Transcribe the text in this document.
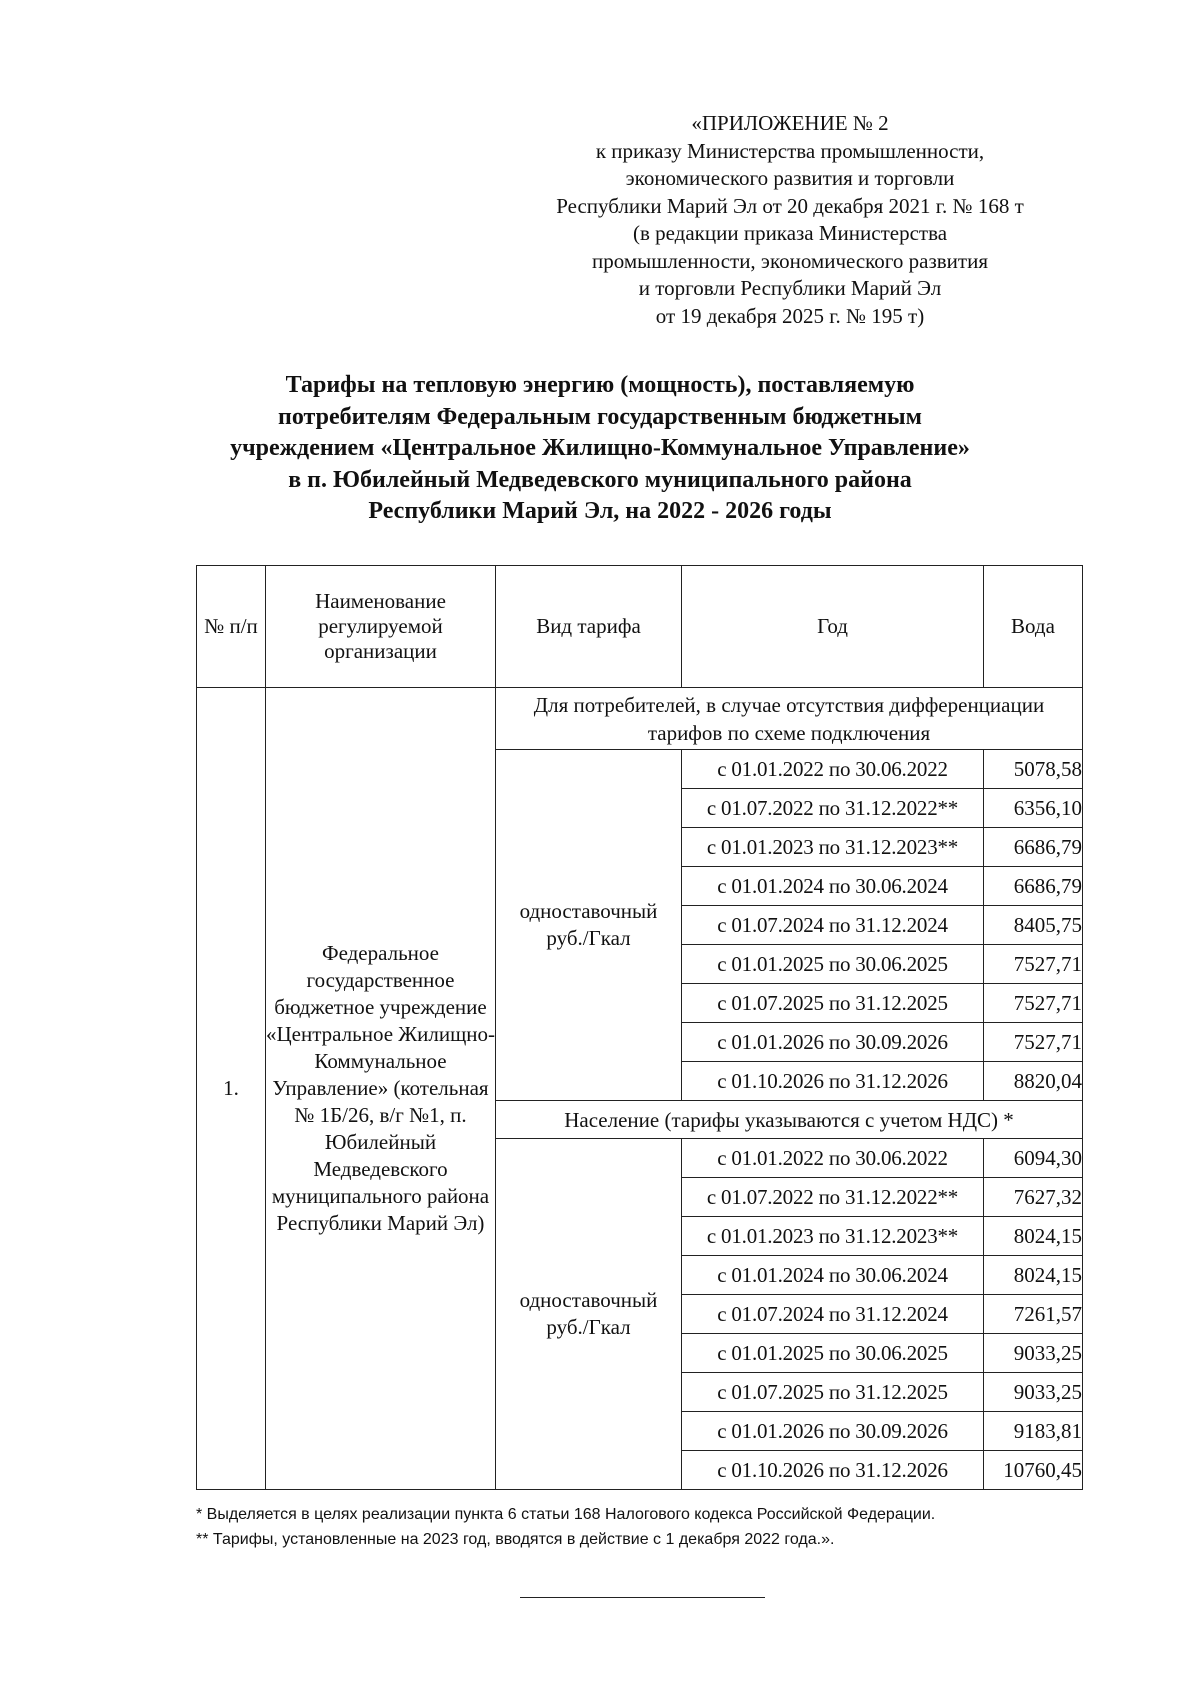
«ПРИЛОЖЕНИЕ № 2
к приказу Министерства промышленности,
экономического развития и торговли
Республики Марий Эл от 20 декабря 2021 г. № 168 т
(в редакции приказа Министерства
промышленности, экономического развития
и торговли Республики Марий Эл
от 19 декабря 2025 г. № 195 т)
Тарифы на тепловую энергию (мощность), поставляемую
потребителям Федеральным государственным бюджетным
учреждением «Центральное Жилищно-Коммунальное Управление»
в п. Юбилейный Медведевского муниципального района
Республики Марий Эл, на 2022 - 2026 годы
№ п/п	Наименование регулируемой организации	Вид тарифа	Год	Вода
1.	Федеральное государственное бюджетное учреждение «Центральное Жилищно-Коммунальное Управление» (котельная № 1Б/26, в/г №1, п. Юбилейный Медведевского муниципального района Республики Марий Эл)	Для потребителей, в случае отсутствия дифференциации тарифов по схеме подключения		
		одноставочный руб./Гкал	с 01.01.2022 по 30.06.2022	5078,58
			с 01.07.2022 по 31.12.2022**	6356,10
			с 01.01.2023 по 31.12.2023**	6686,79
			с 01.01.2024 по 30.06.2024	6686,79
			с 01.07.2024 по 31.12.2024	8405,75
			с 01.01.2025 по 30.06.2025	7527,71
			с 01.07.2025 по 31.12.2025	7527,71
			с 01.01.2026 по 30.09.2026	7527,71
			с 01.10.2026 по 31.12.2026	8820,04
		Население (тарифы указываются с учетом НДС) *		
		одноставочный руб./Гкал	с 01.01.2022 по 30.06.2022	6094,30
			с 01.07.2022 по 31.12.2022**	7627,32
			с 01.01.2023 по 31.12.2023**	8024,15
			с 01.01.2024 по 30.06.2024	8024,15
			с 01.07.2024 по 31.12.2024	7261,57
			с 01.01.2025 по 30.06.2025	9033,25
			с 01.07.2025 по 31.12.2025	9033,25
			с 01.01.2026 по 30.09.2026	9183,81
			с 01.10.2026 по 31.12.2026	10760,45
* Выделяется в целях реализации пункта 6 статьи 168 Налогового кодекса Российской Федерации.
** Тарифы, установленные на 2023 год, вводятся в действие с 1 декабря 2022 года.».
